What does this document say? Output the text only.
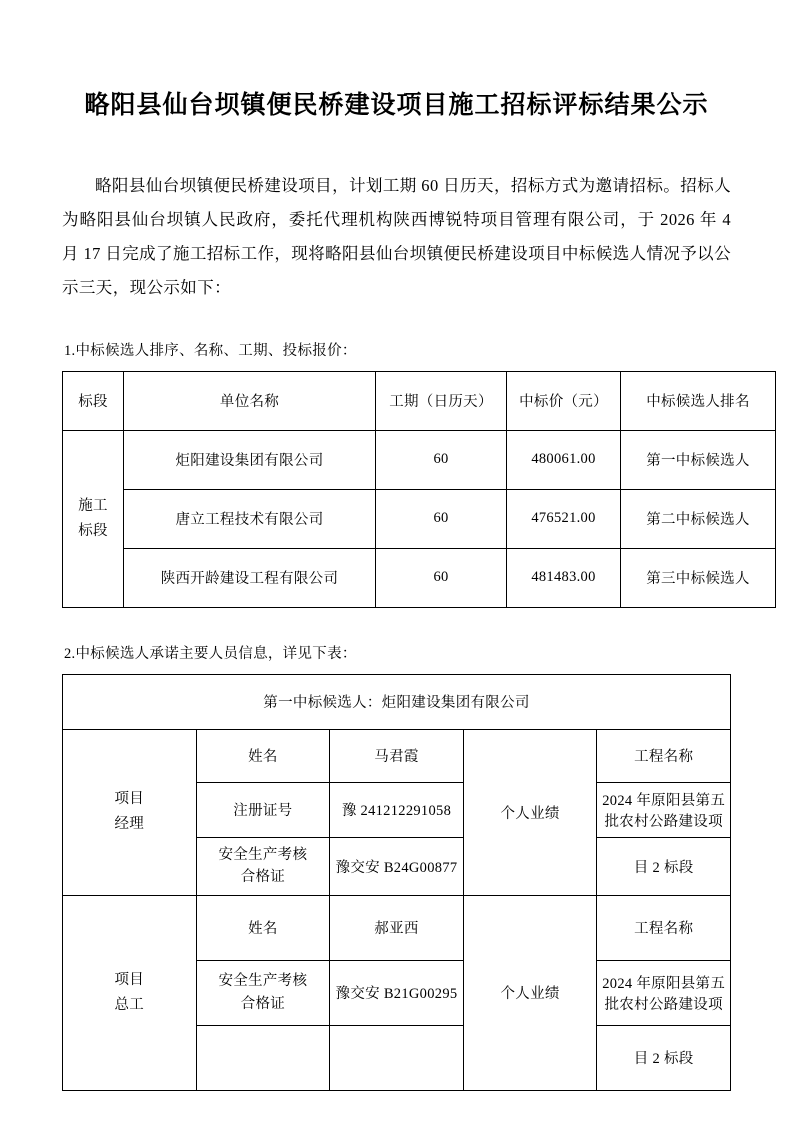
略阳县仙台坝镇便民桥建设项目施工招标评标结果公示

略阳县仙台坝镇便民桥建设项目，计划工期 60 日历天，招标方式为邀请招标。招标人为略阳县仙台坝镇人民政府，委托代理机构陕西博锐特项目管理有限公司，于 2026 年 4 月 17 日完成了施工招标工作，现将略阳县仙台坝镇便民桥建设项目中标候选人情况予以公示三天，现公示如下：

1.中标候选人排序、名称、工期、投标报价：
标段	单位名称	工期（日历天）	中标价（元）	中标候选人排名

施工
标段	炬阳建设集团有限公司	60	480061.00	第一中标候选人
	唐立工程技术有限公司	60	476521.00	第二中标候选人
	陕西开龄建设工程有限公司	60	481483.00	第三中标候选人
2.中标候选人承诺主要人员信息，详见下表：
第一中标候选人：炬阳建设集团有限公司				

项目
经理	姓名	马君霞	个人业绩	工程名称
	注册证号	豫 241212291058		2024 年原阳县第五批农村公路建设项

	安全生产考核
合格证	豫交安 B24G00877		目 2 标段

项目
总工	姓名	郝亚西	个人业绩	工程名称

	安全生产考核
合格证	豫交安 B21G00295		2024 年原阳县第五批农村公路建设项
				目 2 标段
